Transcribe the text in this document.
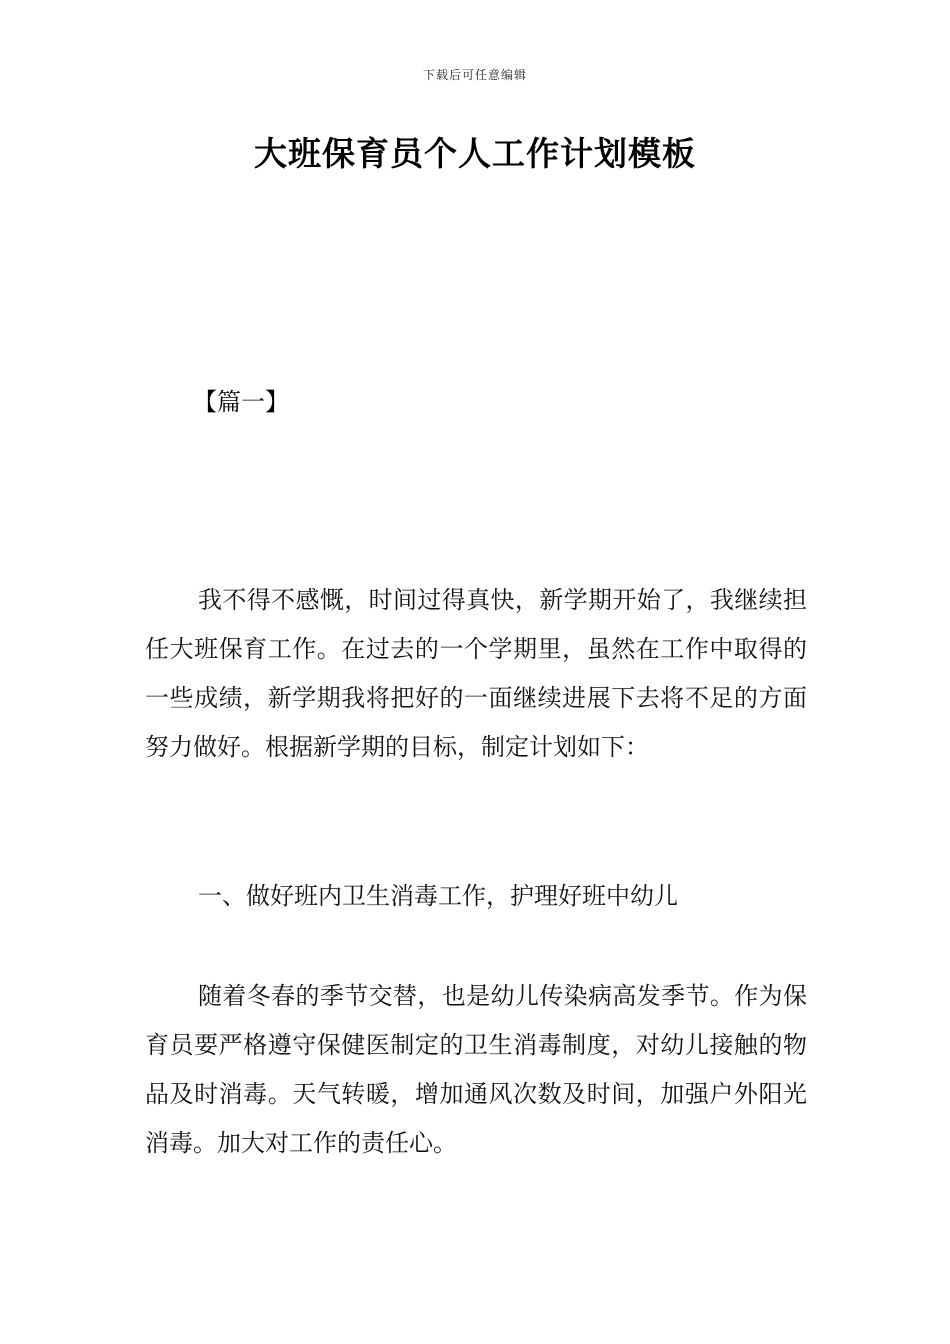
下载后可任意编辑
大班保育员个人工作计划模板
【篇一】

我不得不感慨，时间过得真快，新学期开始了，我继续担任大班保育工作。在过去的一个学期里，虽然在工作中取得的一些成绩，新学期我将把好的一面继续进展下去将不足的方面努力做好。根据新学期的目标，制定计划如下：

一、做好班内卫生消毒工作，护理好班中幼儿

随着冬春的季节交替，也是幼儿传染病高发季节。作为保育员要严格遵守保健医制定的卫生消毒制度，对幼儿接触的物品及时消毒。天气转暖，增加通风次数及时间，加强户外阳光消毒。加大对工作的责任心。
